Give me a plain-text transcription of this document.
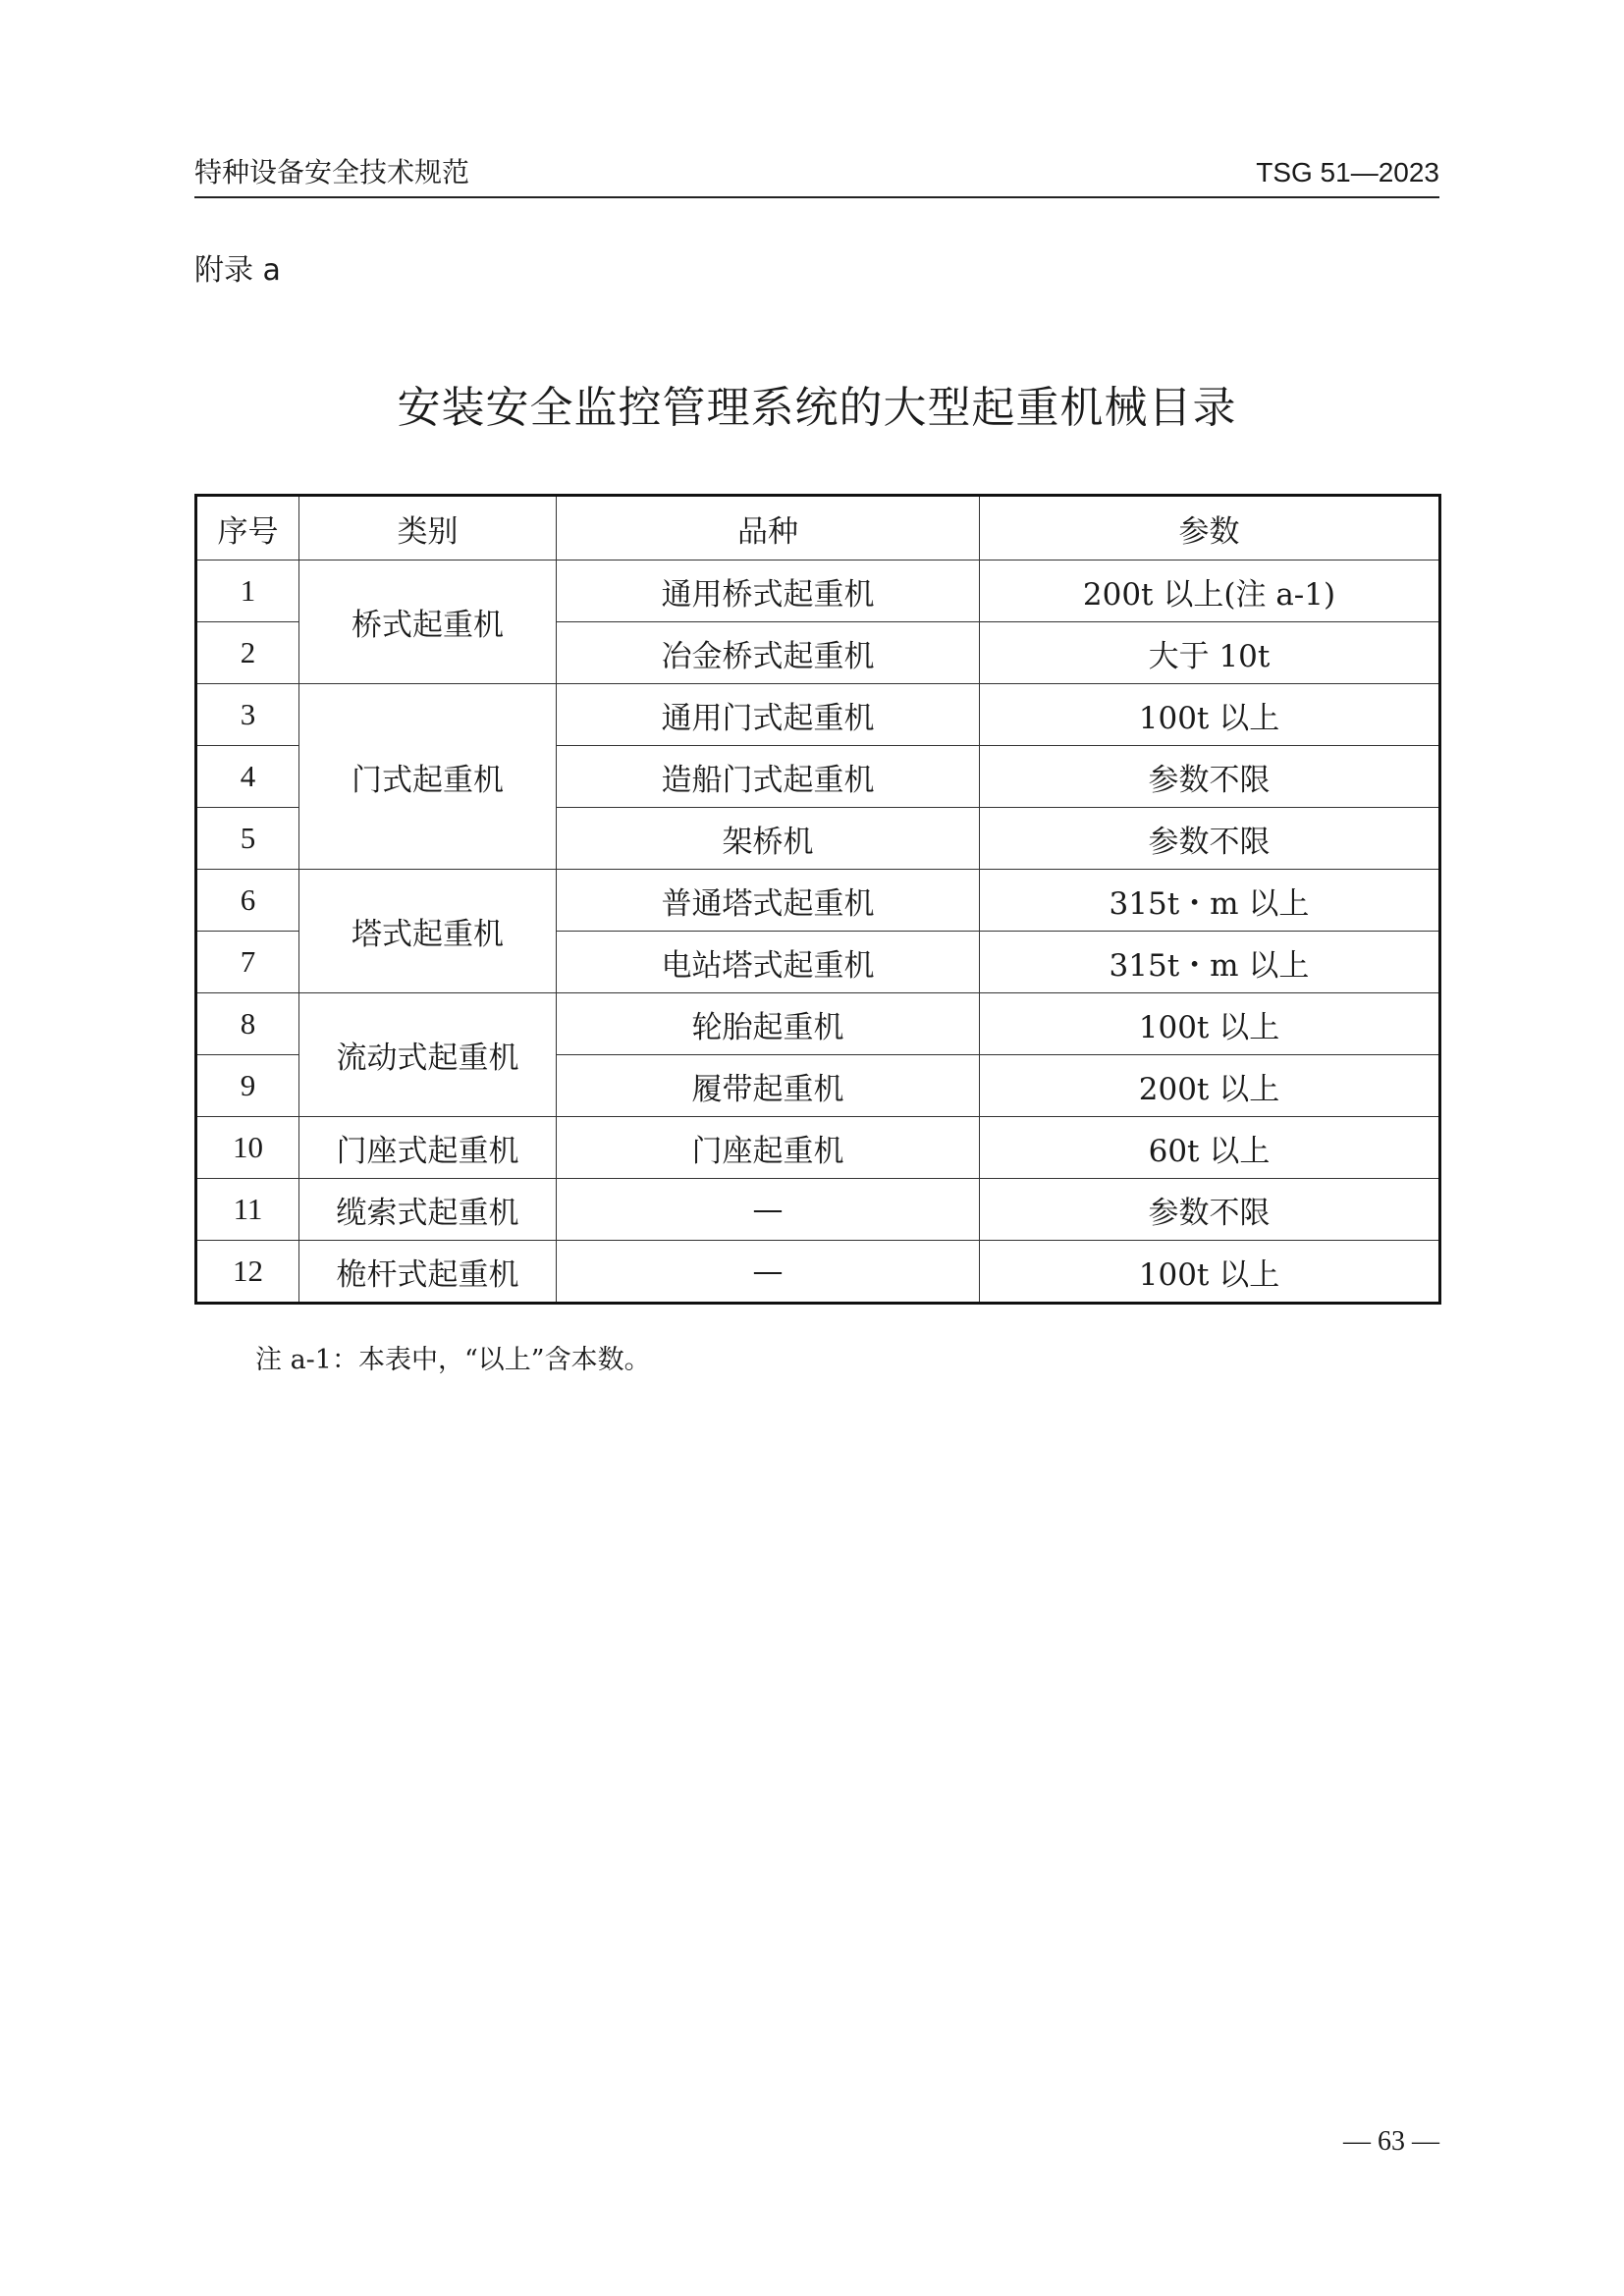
特种设备安全技术规范	TSG 51—2023
附录 a
安装安全监控管理系统的大型起重机械目录
序号	类别	品种	参数
1	桥式起重机	通用桥式起重机	200t 以上(注 a-1)
2		冶金桥式起重机	大于 10t
3	门式起重机	通用门式起重机	100t 以上
4		造船门式起重机	参数不限
5		架桥机	参数不限
6	塔式起重机	普通塔式起重机	315t・m 以上
7		电站塔式起重机	315t・m 以上
8	流动式起重机	轮胎起重机	100t 以上
9		履带起重机	200t 以上
10	门座式起重机	门座起重机	60t 以上
11	缆索式起重机	—	参数不限
12	桅杆式起重机	—	100t 以上
注 a-1：本表中，“以上”含本数。
— 63 —
